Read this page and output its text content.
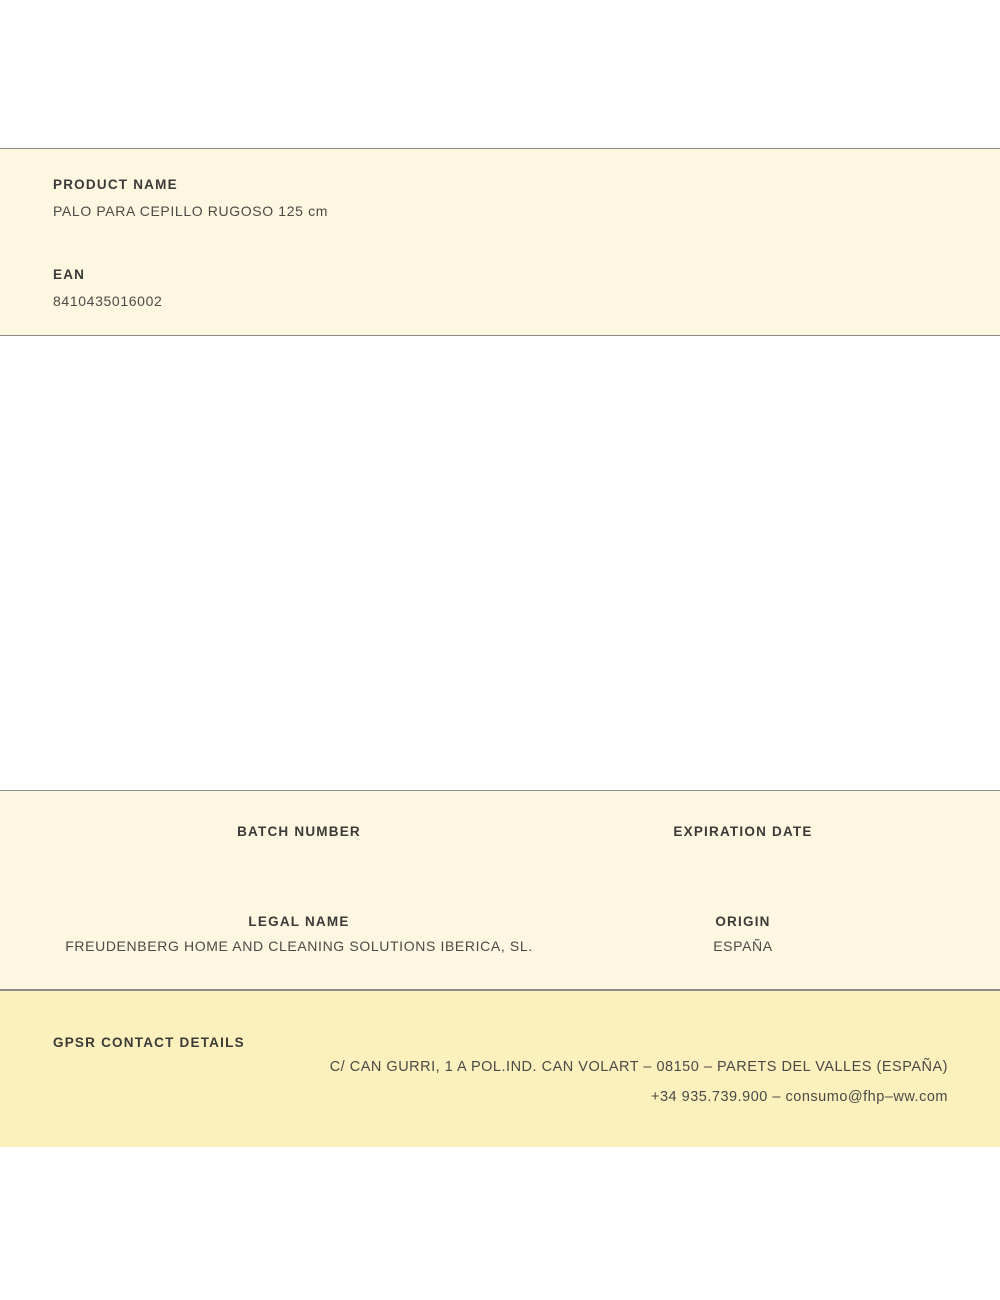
PRODUCT NAME

PALO PARA CEPILLO RUGOSO 125 cm

EAN

8410435016002

BATCH NUMBER	EXPIRATION DATE

LEGAL NAME

FREUDENBERG HOME AND CLEANING SOLUTIONS IBERICA, SL.

ORIGIN

ESPAÑA

GPSR CONTACT DETAILS

C/ CAN GURRI, 1 A POL.IND. CAN VOLART – 08150 – PARETS DEL VALLES (ESPAÑA)

+34 935.739.900 – consumo@fhp–ww.com
